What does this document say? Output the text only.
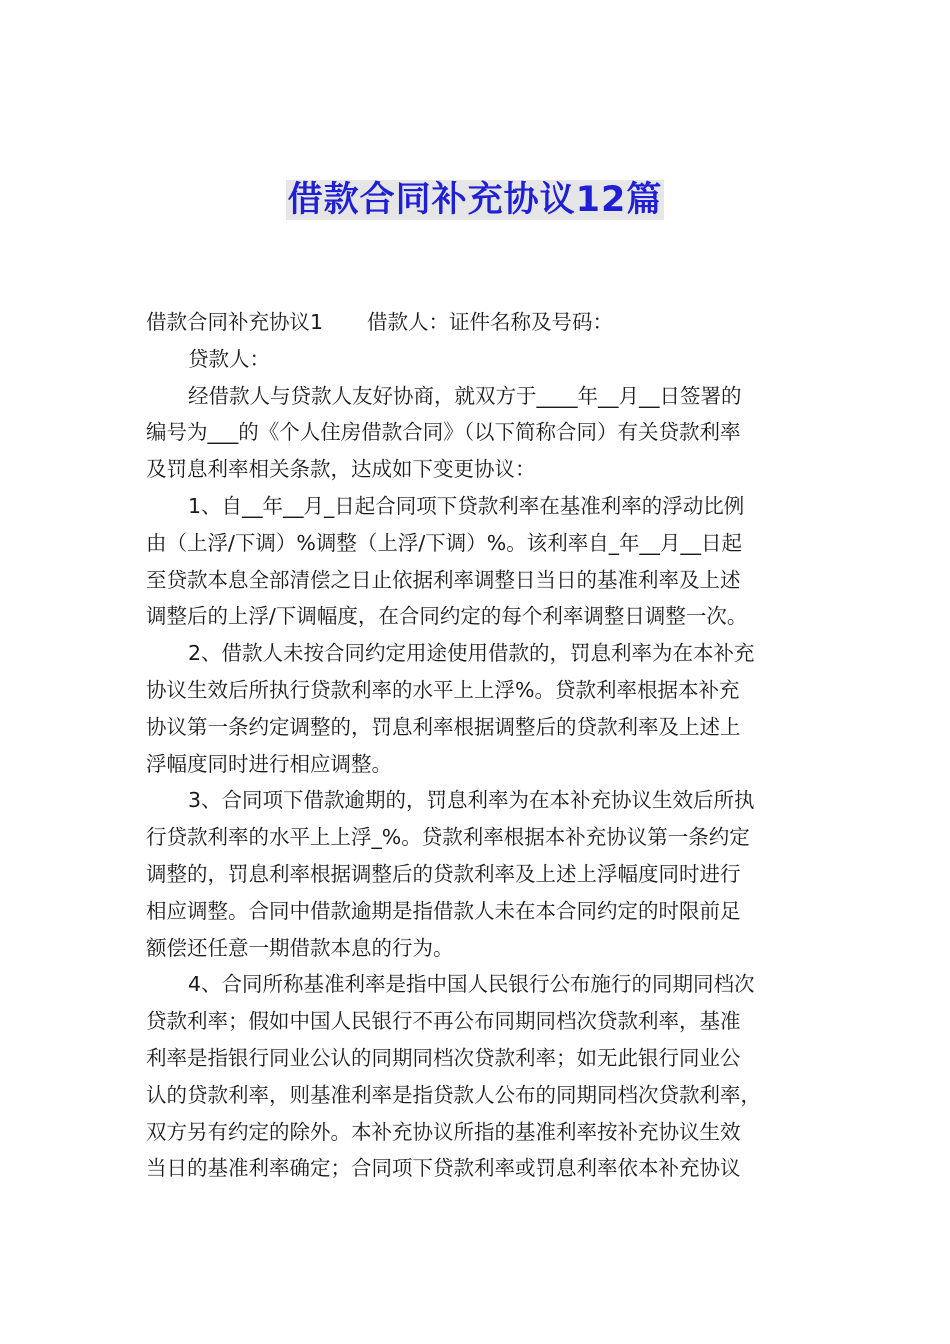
借款合同补充协议12篇
借款合同补充协议1 借款人：证件名称及号码：
贷款人：
经借款人与贷款人友好协商，就双方于____年__月__日签署的
编号为___的《个人住房借款合同》（以下简称合同）有关贷款利率
及罚息利率相关条款，达成如下变更协议：
1、自__年__月_日起合同项下贷款利率在基准利率的浮动比例
由（上浮/下调）%调整（上浮/下调）%。该利率自_年__月__日起
至贷款本息全部清偿之日止依据利率调整日当日的基准利率及上述
调整后的上浮/下调幅度，在合同约定的每个利率调整日调整一次。
2、借款人未按合同约定用途使用借款的，罚息利率为在本补充
协议生效后所执行贷款利率的水平上上浮%。贷款利率根据本补充
协议第一条约定调整的，罚息利率根据调整后的贷款利率及上述上
浮幅度同时进行相应调整。
3、合同项下借款逾期的，罚息利率为在本补充协议生效后所执
行贷款利率的水平上上浮_%。贷款利率根据本补充协议第一条约定
调整的，罚息利率根据调整后的贷款利率及上述上浮幅度同时进行
相应调整。合同中借款逾期是指借款人未在本合同约定的时限前足
额偿还任意一期借款本息的行为。
4、合同所称基准利率是指中国人民银行公布施行的同期同档次
贷款利率；假如中国人民银行不再公布同期同档次贷款利率，基准
利率是指银行同业公认的同期同档次贷款利率；如无此银行同业公
认的贷款利率，则基准利率是指贷款人公布的同期同档次贷款利率，
双方另有约定的除外。本补充协议所指的基准利率按补充协议生效
当日的基准利率确定；合同项下贷款利率或罚息利率依本补充协议
